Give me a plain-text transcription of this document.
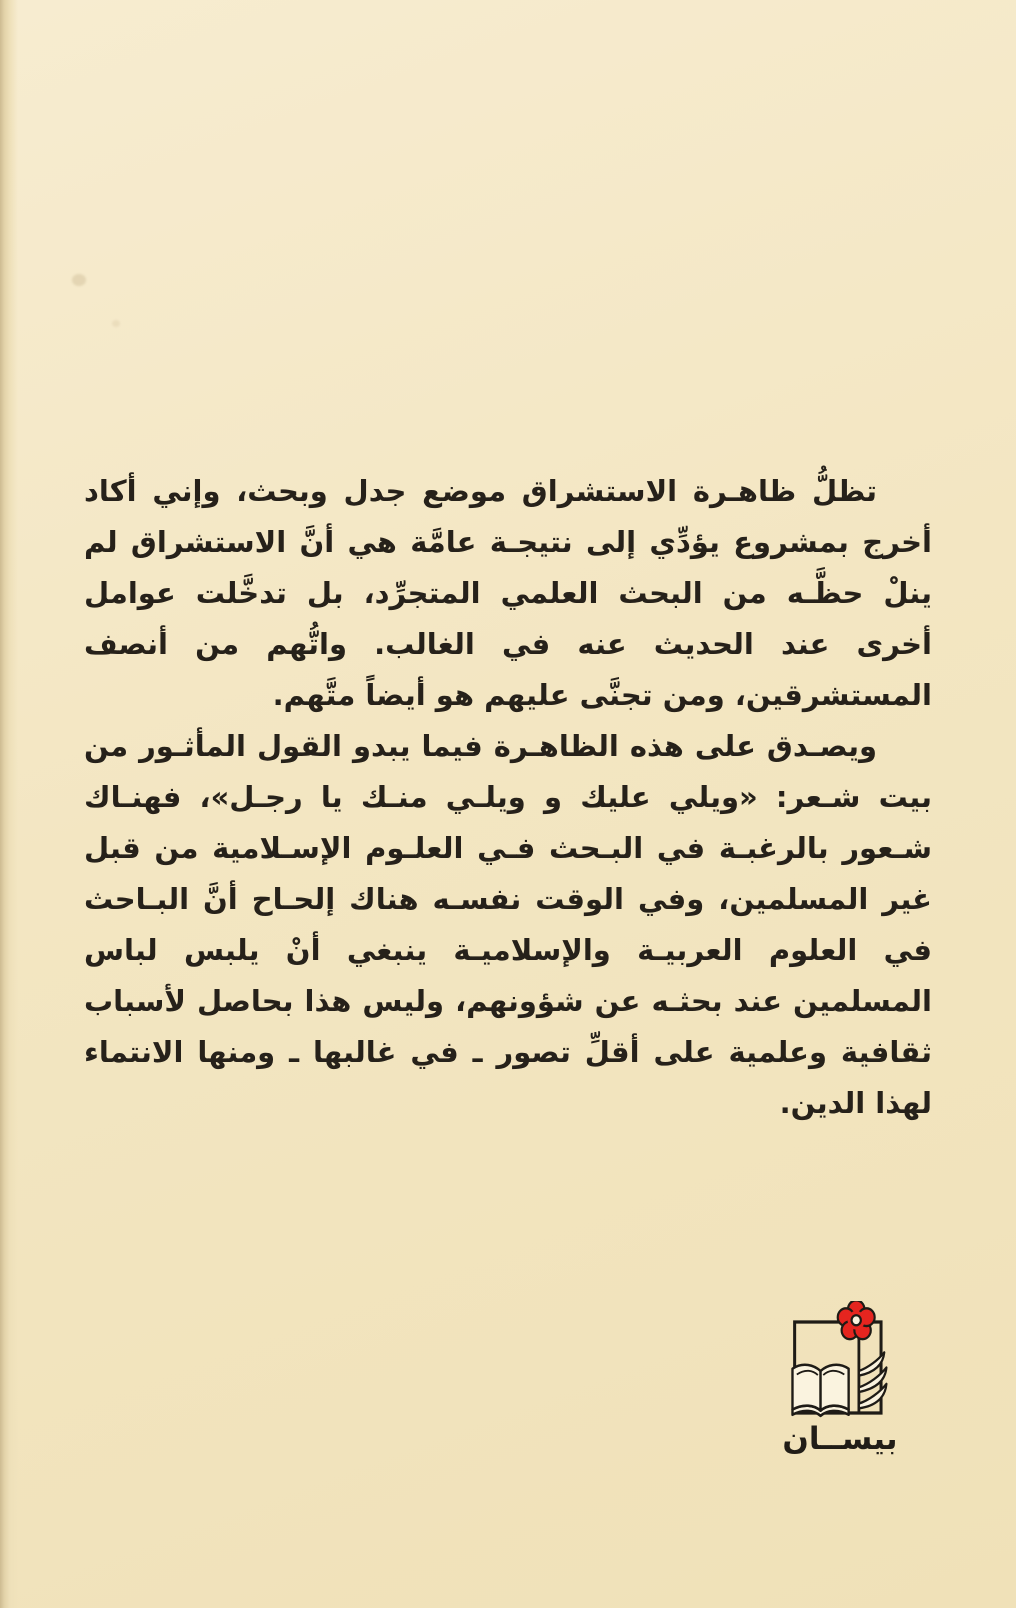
تظلُّ ظاهـرة الاستشراق موضع جدل وبحث، وإني أكاد أخرج بمشروع يؤدِّي إلى نتيجـة عامَّة هي أنَّ الاستشراق لم ينلْ حظَّـه من البحث العلمي المتجرِّد، بل تدخَّلت عوامل أخرى عند الحديث عنه في الغالب. واتُّهم من أنصف المستشرقين، ومن تجنَّى عليهم هو أيضاً متَّهم.

ويصـدق على هذه الظاهـرة فيما يبدو القول المأثـور من بيت شـعر: «ويلي عليك و ويلـي منـك يا رجـل»، فهنـاك شـعور بالرغبـة في البـحث فـي العلـوم الإسـلامية من قبل غير المسلمين، وفي الوقت نفسـه هناك إلحـاح أنَّ البـاحث في العلوم العربيـة والإسلاميـة ينبغي أنْ يلبس لباس المسلمين عند بحثـه عن شؤونهم، وليس هذا بحاصل لأسباب ثقافية وعلمية على أقلِّ تصور ـ في غالبها ـ ومنها الانتماء لهذا الدين.

بيســان
